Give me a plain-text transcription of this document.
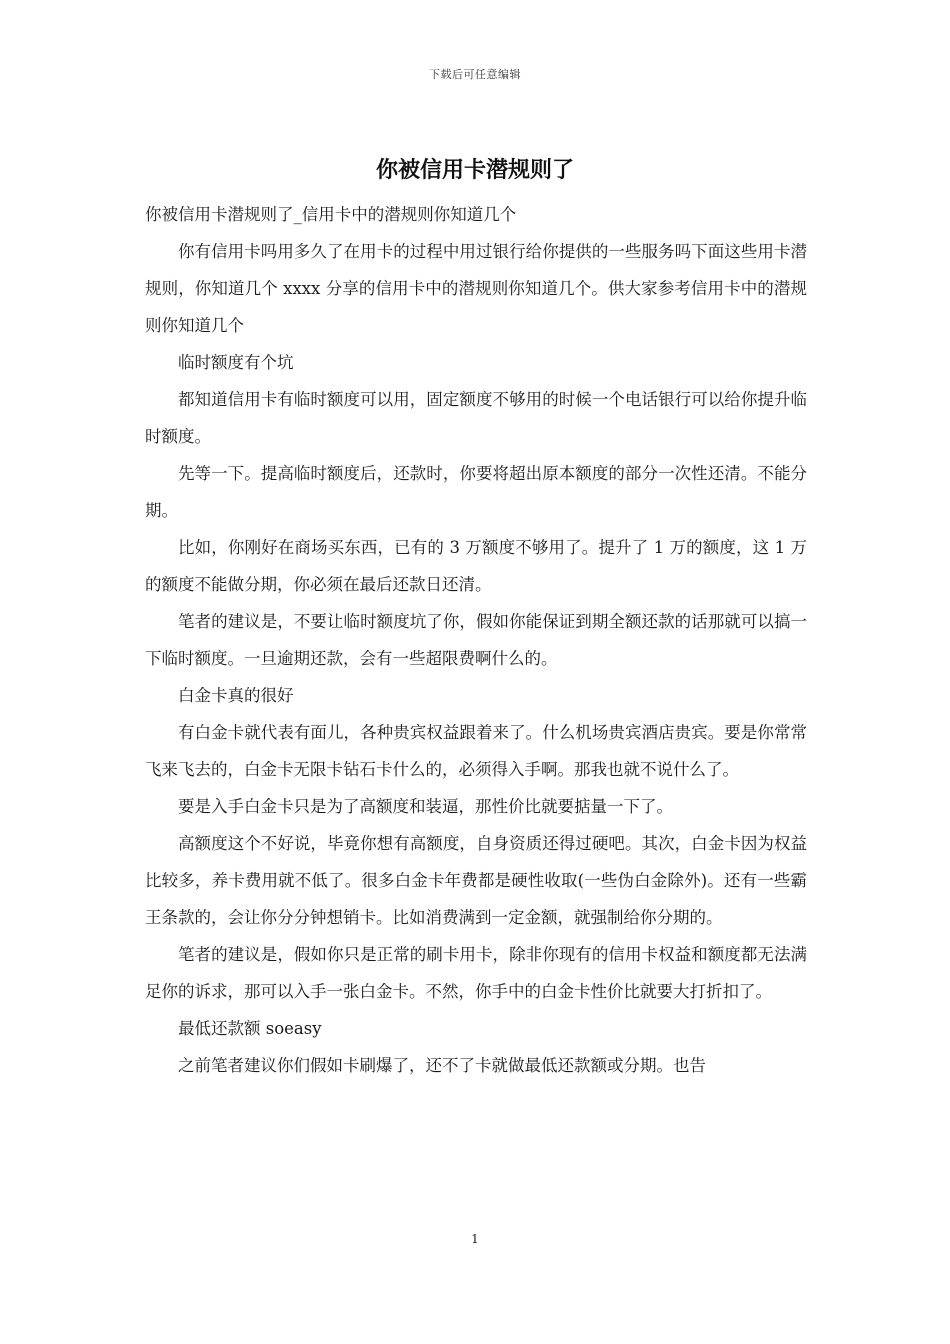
下载后可任意编辑
你被信用卡潜规则了

你被信用卡潜规则了_信用卡中的潜规则你知道几个

你有信用卡吗用多久了在用卡的过程中用过银行给你提供的一些服务吗下面这些用卡潜规则，你知道几个 xxxx 分享的信用卡中的潜规则你知道几个。供大家参考信用卡中的潜规则你知道几个

临时额度有个坑

都知道信用卡有临时额度可以用，固定额度不够用的时候一个电话银行可以给你提升临时额度。

先等一下。提高临时额度后，还款时，你要将超出原本额度的部分一次性还清。不能分期。

比如，你刚好在商场买东西，已有的 3 万额度不够用了。提升了 1 万的额度，这 1 万的额度不能做分期，你必须在最后还款日还清。

笔者的建议是，不要让临时额度坑了你，假如你能保证到期全额还款的话那就可以搞一下临时额度。一旦逾期还款，会有一些超限费啊什么的。

白金卡真的很好

有白金卡就代表有面儿，各种贵宾权益跟着来了。什么机场贵宾酒店贵宾。要是你常常飞来飞去的，白金卡无限卡钻石卡什么的，必须得入手啊。那我也就不说什么了。

要是入手白金卡只是为了高额度和装逼，那性价比就要掂量一下了。

高额度这个不好说，毕竟你想有高额度，自身资质还得过硬吧。其次，白金卡因为权益比较多，养卡费用就不低了。很多白金卡年费都是硬性收取(一些伪白金除外)。还有一些霸王条款的，会让你分分钟想销卡。比如消费满到一定金额，就强制给你分期的。

笔者的建议是，假如你只是正常的刷卡用卡，除非你现有的信用卡权益和额度都无法满足你的诉求，那可以入手一张白金卡。不然，你手中的白金卡性价比就要大打折扣了。

最低还款额 soeasy

之前笔者建议你们假如卡刷爆了，还不了卡就做最低还款额或分期。也告

1
